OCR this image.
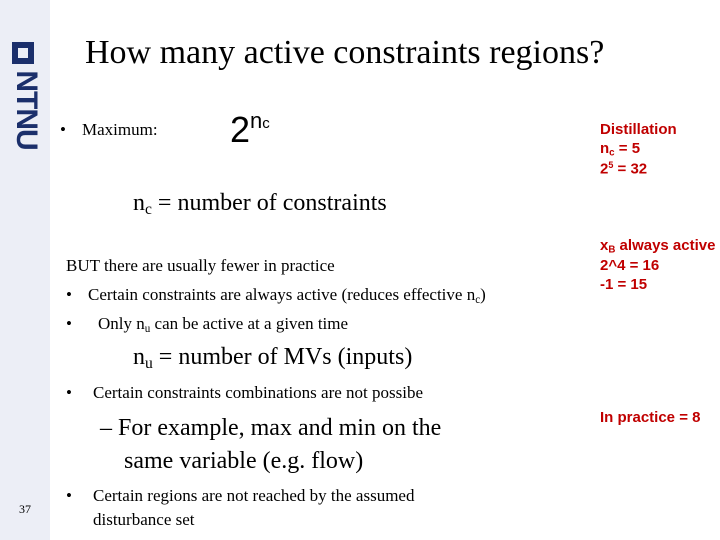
NTNU
37
How many active constraints regions?
• Maximum: $2^{nc}$	Distillation
$n_c = 5$
$2^5 = 32$
$n_c$ = number of constraints
$x_B$ always active
2^4 = 16
-1 = 15
BUT there are usually fewer in practice
• Certain constraints are always active (reduces effective $n_c$)
• Only $n_u$ can be active at a given time
$n_u$ = number of MVs (inputs)
• Certain constraints combinations are not possibe
– For example, max and min on the
same variable (e.g. flow)
In practice = 8
• Certain regions are not reached by the assumed
disturbance set
